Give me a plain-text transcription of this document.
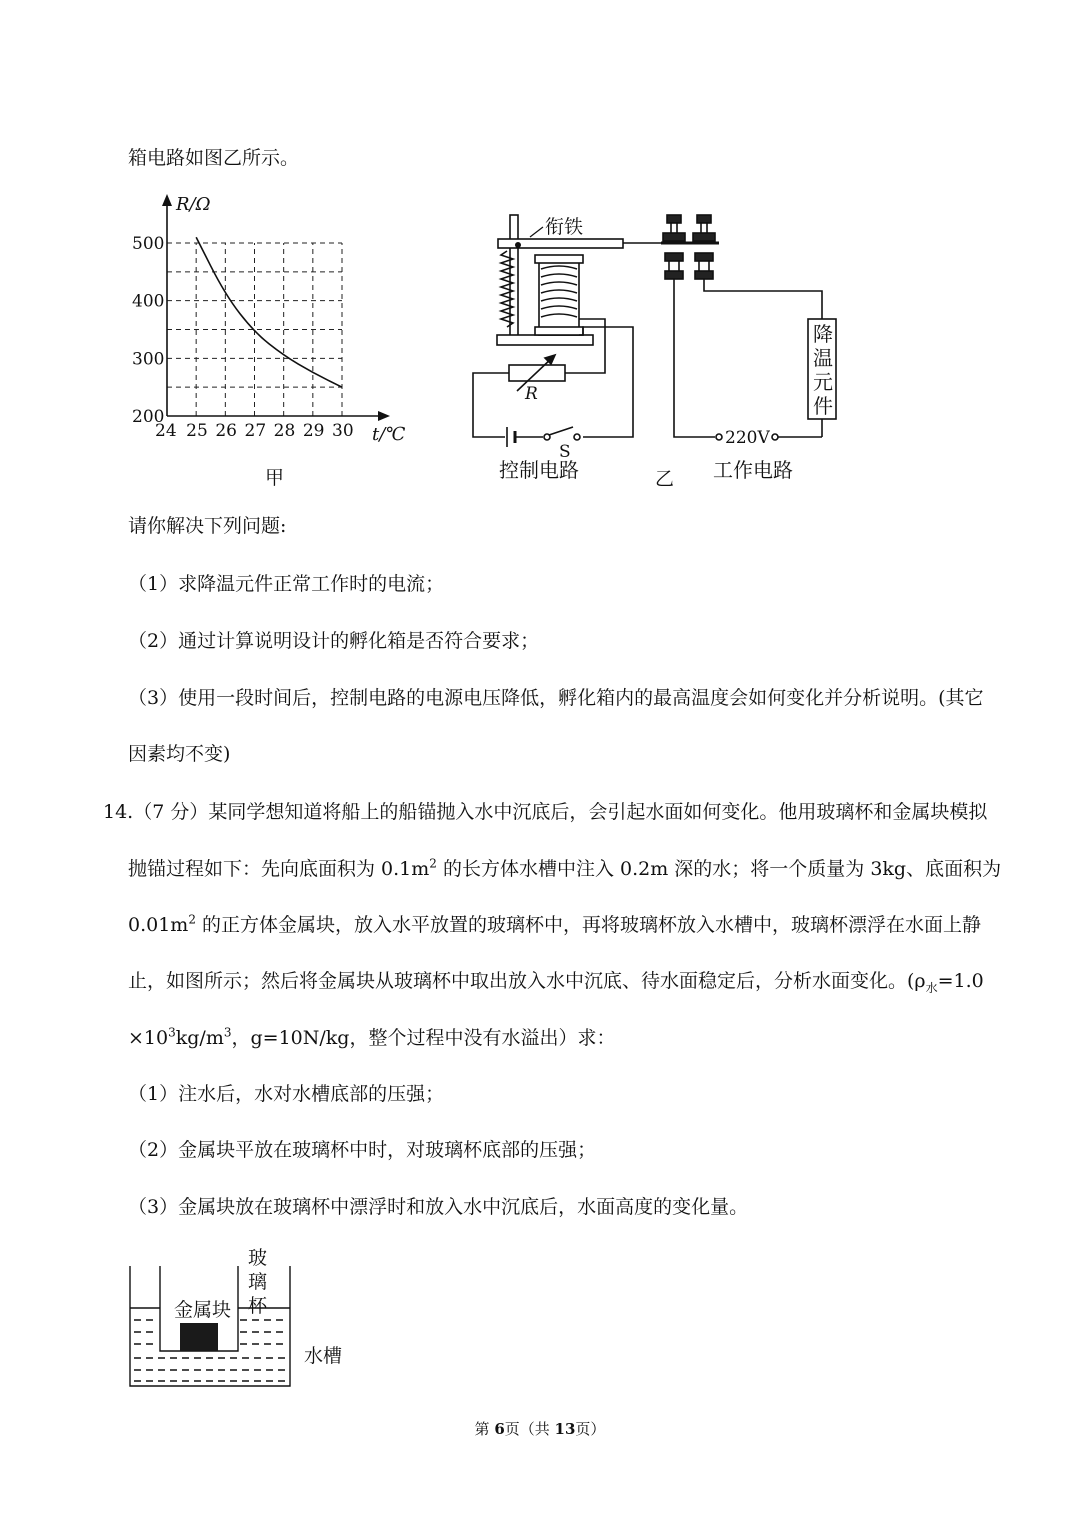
箱电路如图乙所示。
R/Ω
t/℃
500
400
300
200
24 25 26 27 28 29 30
甲
衔铁
R
S
降
温
元
件
220V
控制电路	乙 工作电路
请你解决下列问题:
（1）求降温元件正常工作时的电流；
（2）通过计算说明设计的孵化箱是否符合要求；
（3）使用一段时间后，控制电路的电源电压降低，孵化箱内的最高温度会如何变化并分析说明。(其它
因素均不变)
14.（7 分）某同学想知道将船上的船锚抛入水中沉底后，会引起水面如何变化。他用玻璃杯和金属块模拟
抛锚过程如下：先向底面积为 $0.1m^2$ 的长方体水槽中注入 0.2m 深的水；将一个质量为 3kg、底面积为
$0.01m^2$ 的正方体金属块，放入水平放置的玻璃杯中，再将玻璃杯放入水槽中，玻璃杯漂浮在水面上静
止，如图所示；然后将金属块从玻璃杯中取出放入水中沉底、待水面稳定后，分析水面变化。($\rho_水=1.0$
$\times 10^3kg/m^3$，g=10N/kg，整个过程中没有水溢出）求：
（1）注水后，水对水槽底部的压强；
（2）金属块平放在玻璃杯中时，对玻璃杯底部的压强；
（3）金属块放在玻璃杯中漂浮时和放入水中沉底后，水面高度的变化量。
金属块
玻
璃
杯
水槽
第 6页（共 13页）
